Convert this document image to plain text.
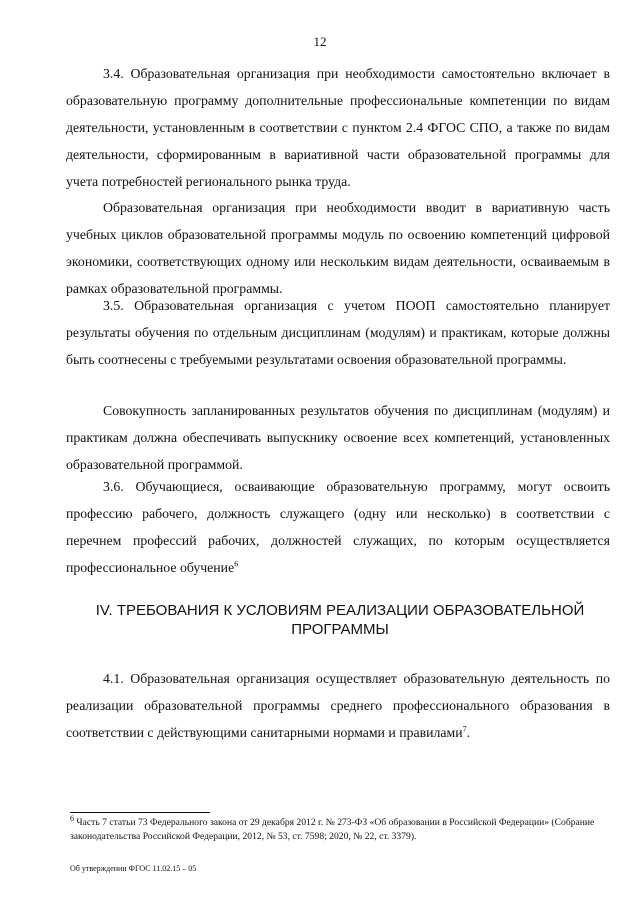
12

3.4. Образовательная организация при необходимости самостоятельно включает в образовательную программу дополнительные профессиональные компетенции по видам деятельности, установленным в соответствии с пунктом 2.4 ФГОС СПО, а также по видам деятельности, сформированным в вариативной части образовательной программы для учета потребностей регионального рынка труда.

Образовательная организация при необходимости вводит в вариативную часть учебных циклов образовательной программы модуль по освоению компетенций цифровой экономики, соответствующих одному или нескольким видам деятельности, осваиваемым в рамках образовательной программы.

3.5. Образовательная организация с учетом ПООП самостоятельно планирует результаты обучения по отдельным дисциплинам (модулям) и практикам, которые должны быть соотнесены с требуемыми результатами освоения образовательной программы.

Совокупность запланированных результатов обучения по дисциплинам (модулям) и практикам должна обеспечивать выпускнику освоение всех компетенций, установленных образовательной программой.

3.6. Обучающиеся, осваивающие образовательную программу, могут освоить профессию рабочего, должность служащего (одну или несколько) в соответствии с перечнем профессий рабочих, должностей служащих, по которым осуществляется профессиональное обучение$^6$

IV. ТРЕБОВАНИЯ К УСЛОВИЯМ РЕАЛИЗАЦИИ ОБРАЗОВАТЕЛЬНОЙ
ПРОГРАММЫ

4.1. Образовательная организация осуществляет образовательную деятельность по реализации образовательной программы среднего профессионального образования в соответствии с действующими санитарными нормами и правилами$^7$.

$^6$ Часть 7 статьи 73 Федерального закона от 29 декабря 2012 г. № 273-ФЗ «Об образовании в Российской Федерации» (Собрание законодательства Российской Федерации, 2012, № 53, ст. 7598; 2020, № 22, ст. 3379).

Об утверждении ФГОС 11.02.15 – 05
